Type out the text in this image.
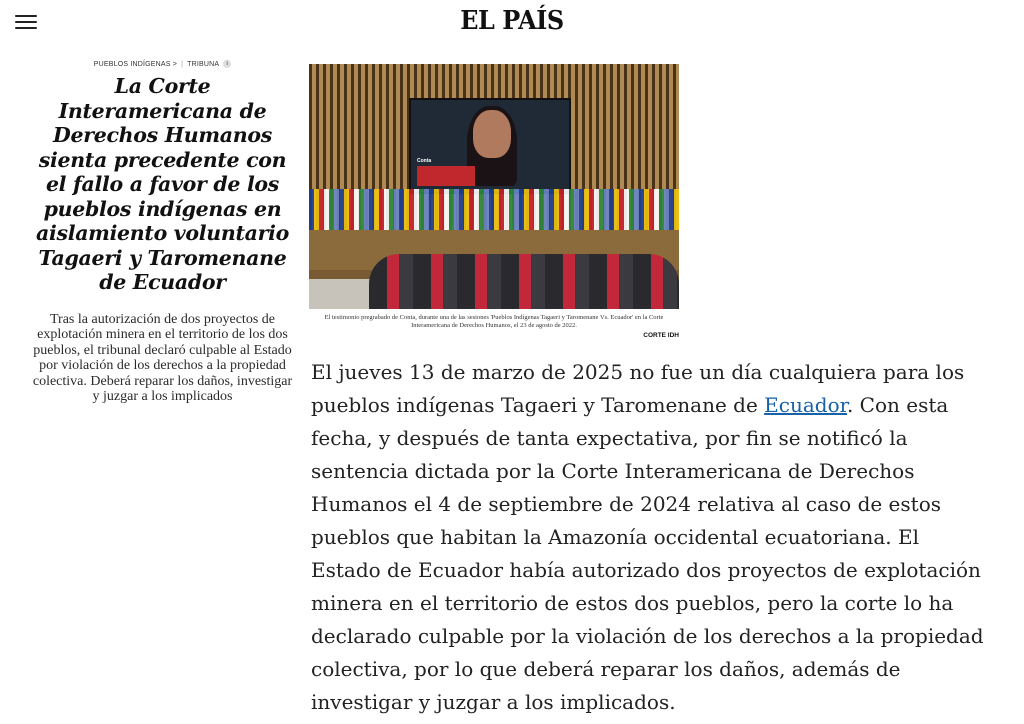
EL PAÍS
PUEBLOS INDÍGENAS > | TRIBUNA	i
La Corte Interamericana de Derechos Humanos sienta precedente con el fallo a favor de los pueblos indígenas en aislamiento voluntario Tagaeri y Taromenane de Ecuador

Tras la autorización de dos proyectos de explotación minera en el territorio de los dos pueblos, el tribunal declaró culpable al Estado por violación de los derechos a la propiedad colectiva. Deberá reparar los daños, investigar y juzgar a los implicados

Conta
El testimonio pregrabado de Conta, durante una de las sesiones 'Pueblos Indígenas Tagaeri y Taromenane Vs. Ecuador' en la Corte Interamericana de Derechos Humanos, el 23 de agosto de 2022.
CORTE IDH

El jueves 13 de marzo de 2025 no fue un día cualquiera para los pueblos indígenas Tagaeri y Taromenane de Ecuador. Con esta fecha, y después de tanta expectativa, por fin se notificó la sentencia dictada por la Corte Interamericana de Derechos Humanos el 4 de septiembre de 2024 relativa al caso de estos pueblos que habitan la Amazonía occidental ecuatoriana. El Estado de Ecuador había autorizado dos proyectos de explotación minera en el territorio de estos dos pueblos, pero la corte lo ha declarado culpable por la violación de los derechos a la propiedad colectiva, por lo que deberá reparar los daños, además de investigar y juzgar a los implicados.
